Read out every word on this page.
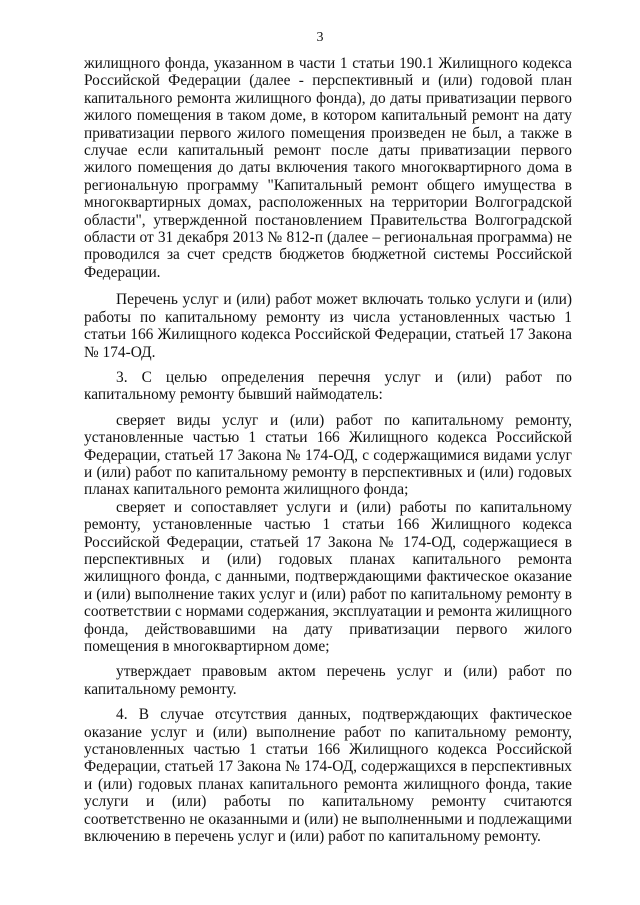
3

жилищного фонда, указанном в части 1 статьи 190.1 Жилищного кодекса Российской Федерации (далее - перспективный и (или) годовой план капитального ремонта жилищного фонда), до даты приватизации первого жилого помещения в таком доме, в котором капитальный ремонт на дату приватизации первого жилого помещения произведен не был, а также в случае если капитальный ремонт после даты приватизации первого жилого помещения до даты включения такого многоквартирного дома в региональную программу "Капитальный ремонт общего имущества в многоквартирных домах, расположенных на территории Волгоградской области", утвержденной постановлением Правительства Волгоградской области от 31 декабря 2013 № 812-п (далее – региональная программа) не проводился за счет средств бюджетов бюджетной системы Российской Федерации.

Перечень услуг и (или) работ может включать только услуги и (или) работы по капитальному ремонту из числа установленных частью 1 статьи 166 Жилищного кодекса Российской Федерации, статьей 17 Закона № 174-ОД.

3. С целью определения перечня услуг и (или) работ по капитальному ремонту бывший наймодатель:

сверяет виды услуг и (или) работ по капитальному ремонту, установленные частью 1 статьи 166 Жилищного кодекса Российской Федерации, статьей 17 Закона № 174-ОД, с содержащимися видами услуг и (или) работ по капитальному ремонту в перспективных и (или) годовых планах капитального ремонта жилищного фонда;

сверяет и сопоставляет услуги и (или) работы по капитальному ремонту, установленные частью 1 статьи 166 Жилищного кодекса Российской Федерации, статьей 17 Закона № 174-ОД, содержащиеся в перспективных и (или) годовых планах капитального ремонта жилищного фонда, с данными, подтверждающими фактическое оказание и (или) выполнение таких услуг и (или) работ по капитальному ремонту в соответствии с нормами содержания, эксплуатации и ремонта жилищного фонда, действовавшими на дату приватизации первого жилого помещения в многоквартирном доме;

утверждает правовым актом перечень услуг и (или) работ по капитальному ремонту.

4. В случае отсутствия данных, подтверждающих фактическое оказание услуг и (или) выполнение работ по капитальному ремонту, установленных частью 1 статьи 166 Жилищного кодекса Российской Федерации, статьей 17 Закона № 174-ОД, содержащихся в перспективных и (или) годовых планах капитального ремонта жилищного фонда, такие услуги и (или) работы по капитальному ремонту считаются соответственно не оказанными и (или) не выполненными и подлежащими включению в перечень услуг и (или) работ по капитальному ремонту.
